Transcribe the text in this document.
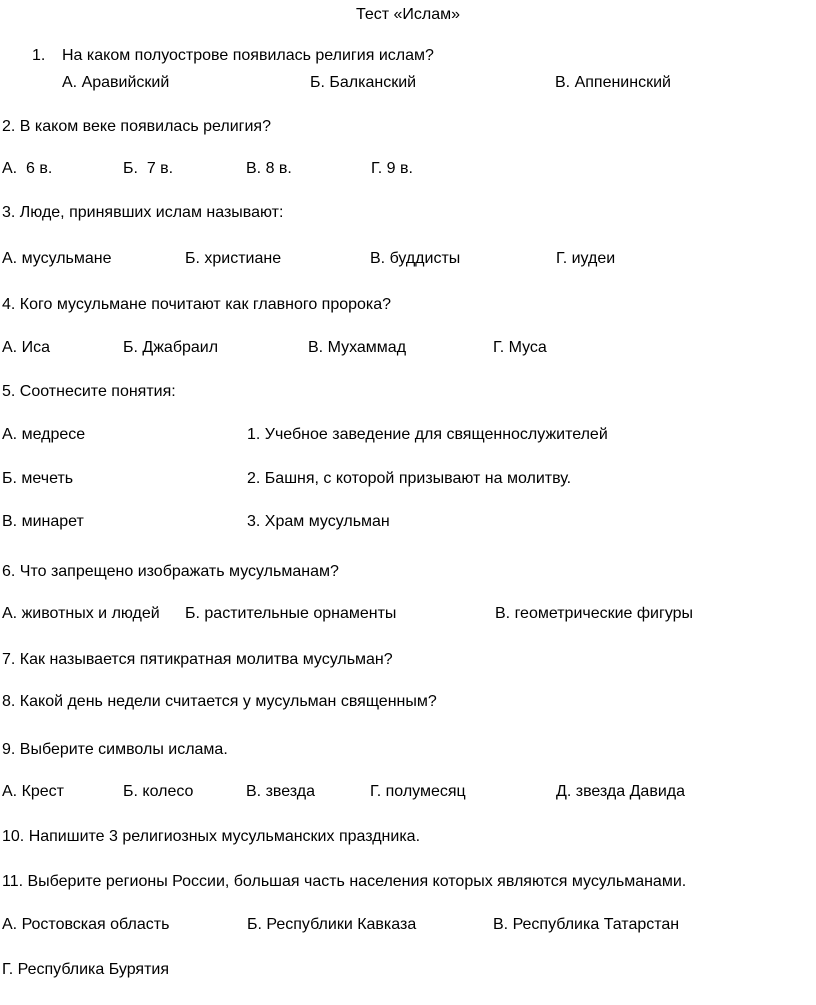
Тест «Ислам»
1. На каком полуострове появилась религия ислам?
А. Аравийский	Б. Балканский	В. Аппенинский
2. В каком веке появилась религия?
А.  6 в.	Б.  7 в.	В. 8 в.	Г. 9 в.
3. Люде, принявших ислам называют:
А. мусульмане	Б. христиане	В. буддисты	Г. иудеи
4. Кого мусульмане почитают как главного пророка?
А. Иса	Б. Джабраил	В. Мухаммад	Г. Муса
5. Соотнесите понятия:
А. медресе	1. Учебное заведение для священнослужителей
Б. мечеть	2. Башня, с которой призывают на молитву.
В. минарет	3. Храм мусульман
6. Что запрещено изображать мусульманам?
А. животных и людей Б. растительные орнаменты	В. геометрические фигуры
7. Как называется пятикратная молитва мусульман?
8. Какой день недели считается у мусульман священным?
9. Выберите символы ислама.
А. Крест	Б. колесо	В. звезда	Г. полумесяц	Д. звезда Давида
10. Напишите 3 религиозных мусульманских праздника.
11. Выберите регионы России, большая часть населения которых являются мусульманами.
А. Ростовская область	Б. Республики Кавказа	В. Республика Татарстан
Г. Республика Бурятия
